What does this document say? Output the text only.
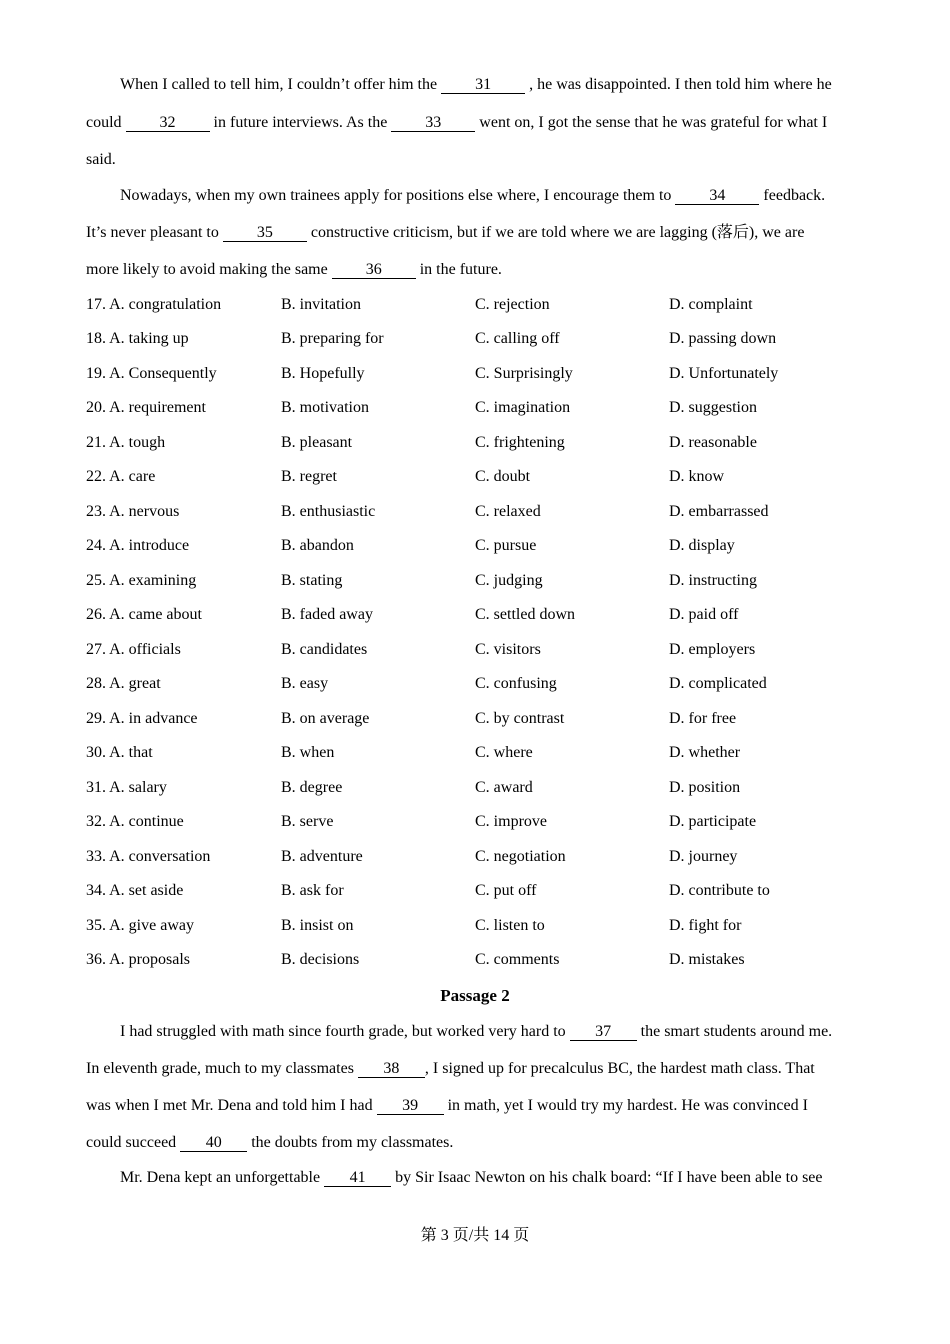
When I called to tell him, I couldn’t offer him the 31 , he was disappointed. I then told him where he
could 32 in future interviews. As the 33 went on, I got the sense that he was grateful for what I
said.
Nowadays, when my own trainees apply for positions else where, I encourage them to 34 feedback.
It’s never pleasant to 35 constructive criticism, but if we are told where we are lagging (落后), we are
more likely to avoid making the same 36 in the future.
17. A. congratulation	B. invitation	C. rejection	D. complaint
18. A. taking up	B. preparing for	C. calling off	D. passing down
19. A. Consequently	B. Hopefully	C. Surprisingly	D. Unfortunately
20. A. requirement	B. motivation	C. imagination	D. suggestion
21. A. tough	B. pleasant	C. frightening	D. reasonable
22. A. care	B. regret	C. doubt	D. know
23. A. nervous	B. enthusiastic	C. relaxed	D. embarrassed
24. A. introduce	B. abandon	C. pursue	D. display
25. A. examining	B. stating	C. judging	D. instructing
26. A. came about	B. faded away	C. settled down	D. paid off
27. A. officials	B. candidates	C. visitors	D. employers
28. A. great	B. easy	C. confusing	D. complicated
29. A. in advance	B. on average	C. by contrast	D. for free
30. A. that	B. when	C. where	D. whether
31. A. salary	B. degree	C. award	D. position
32. A. continue	B. serve	C. improve	D. participate
33. A. conversation	B. adventure	C. negotiation	D. journey
34. A. set aside	B. ask for	C. put off	D. contribute to
35. A. give away	B. insist on	C. listen to	D. fight for
36. A. proposals	B. decisions	C. comments	D. mistakes
Passage 2
I had struggled with math since fourth grade, but worked very hard to 37 the smart students around me.
In eleventh grade, much to my classmates 38 , I signed up for precalculus BC, the hardest math class. That
was when I met Mr. Dena and told him I had 39 in math, yet I would try my hardest. He was convinced I
could succeed 40 the doubts from my classmates.
Mr. Dena kept an unforgettable 41 by Sir Isaac Newton on his chalk board: “If I have been able to see
第 3 页/共 14 页
